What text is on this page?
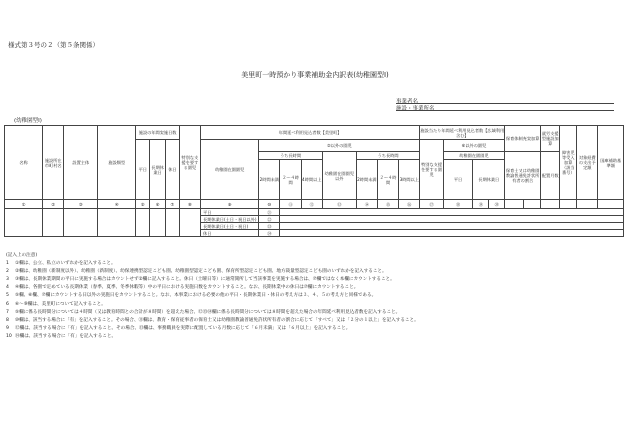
様式第３号の２（第５条関係）
美里町一時預かり事業補助金内訳表(幼稚園型Ⅰ)
事業者名
施設・事業所名
(幼稚園型Ⅰ)
名称	施設所在市町村名	設置主体	施設類型	施設の年間実施日数			特別な支援を要する園児	年間延べ利用見込者数【美里町】								施設当たり年間延べ利用見込者数【広域利用含む】				保育体制充実加算		就労支援型施設加算	障害児等受入加算（該当番号）	対象経費の支出予定額	国庫補助基準額
				平日	長期休業日	休日		幼稚園在園園児	②以外の園児							特別な支援を要する園児	⑥以外の園児								
									うち長時間			幼稚園在園園児以外	うち長時間				幼稚園在園園児			保育士又は幼稚園教諭普通免許状所有者の割合		配置月数			
									2時間未満	２～４時間	4時間以上		2時間未満	２～４時間	3時間以上		平日	長期休業日							
①	②	③	④	⑤	⑥	⑦	⑧	⑨	⑩	⑪	⑫	⑬	⑭	⑮	⑯	⑰	⑱	⑲	⑳						
								平日	㉑																
								長期休業日(土日・祝日以外)	㉒																
								長期休業日(土日・祝日)	㉓																
								休日	㉔																
(記入上の注意)
1 ①欄は、公立、私立のいずれかを記入すること。
2 ②欄は、幼稚園（新制度以外）、幼稚園（新制度）、幼保連携型認定こども園、幼稚園型認定こども園、保育所型認定こども園、地方裁量型認定こども園のいずれかを記入すること。
3 ③欄は、長期休業期間の平日に実施する場合はカウントせず②欄に記入すること。休日（土曜日等）に通常開所して当該事業を実施する場合は、⑦欄ではなく本欄にカウントすること。
4 ④欄は、各園で定めている長期休業（春季、夏季、冬季休暇等）中の平日における実施日数をカウントすること。なお、長期休業中の休日は⑦欄にカウントすること。
5 ⑤欄、⑥欄、⑦欄にカウントする日以外の実施日をカウントすること。なお、本事業における必要の他の平日・長期休業日・休日の考え方は３、４、５の考え方と同様である。
6 ⑥～⑨欄は、美里町について記入すること。
7 ⑤欄に係る長時間分については４時間（又は教育時間との合計が８時間）を超えた場合、⑫⑬⑭欄に係る長時間分については８時間を超えた場合の年間延べ利用見込者数を記入すること。
8 ⑩欄は、該当する場合に「有」を記入すること。その場合、⑪欄は、教育・保育従事者の保育士又は幼稚園教諭普通免許状所有者の割合に応じて「すべて」又は「２分の１以上」を記入すること。
9 ⑫欄は、該当する場合に「有」を記入すること。その場合、⑬欄は、事務職員を実際に配置している月数に応じて「６月未満」又は「６月以上」を記入すること。
10 ⑭欄は、該当する場合に「有」を記入すること。
